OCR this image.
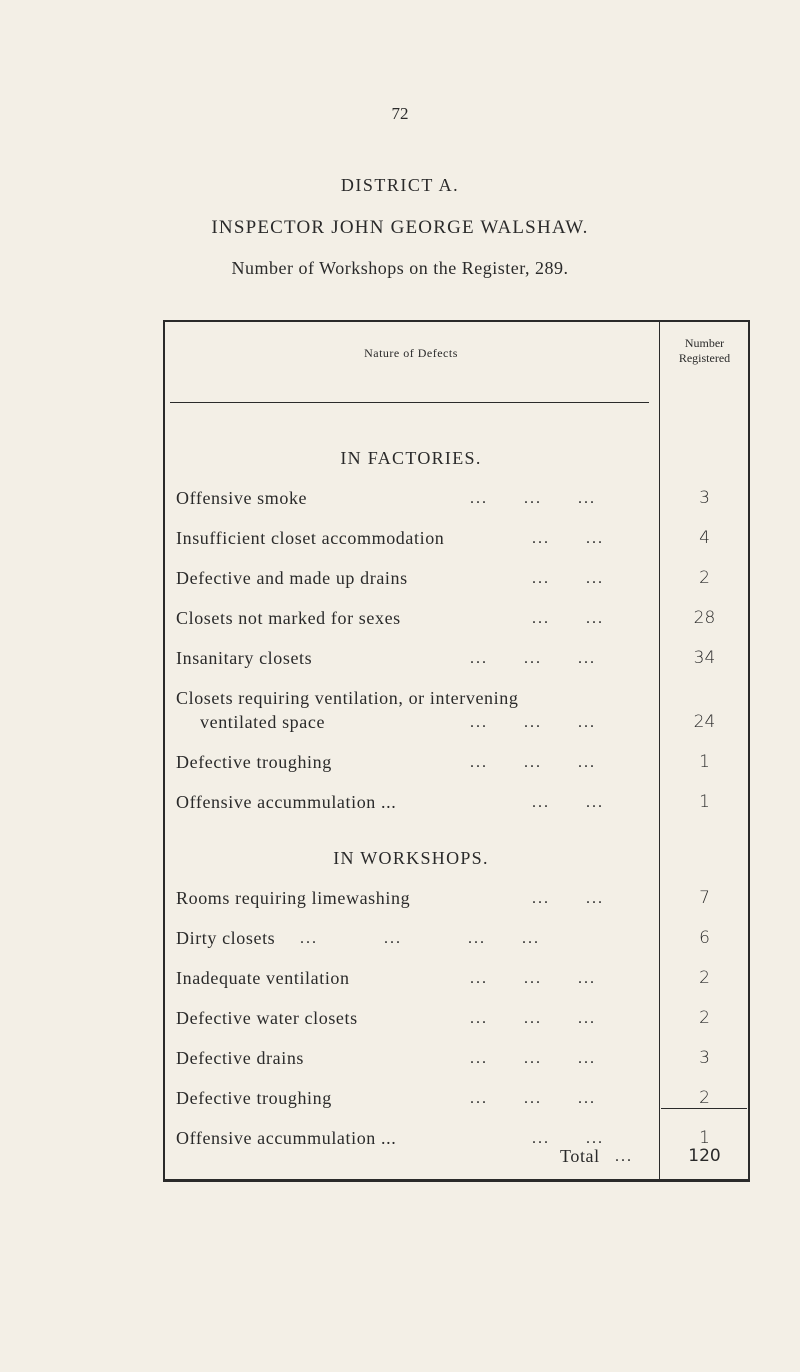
72
DISTRICT A.
INSPECTOR JOHN GEORGE WALSHAW.
Number of Workshops on the Register, 289.
Nature of Defects
Number
Registered
IN FACTORIES.
Offensive smoke	... ... ...	3
Insufficient closet accommodation	... ...	4
Defective and made up drains	... ...	2
Closets not marked for sexes	... ...	28
Insanitary closets	... ... ...	34
Closets requiring ventilation, or intervening
ventilated space	... ... ...	24
Defective troughing	... ... ...	1
Offensive accummulation ...	... ...	1
IN WORKSHOPS.
Rooms requiring limewashing	... ...	7
Dirty closets ...	...	... ...	6
Inadequate ventilation	... ... ...	2
Defective water closets	... ... ...	2
Defective drains	... ... ...	3
Defective troughing	... ... ...	2
Offensive accummulation ...	... ...	1
Total ...	120
